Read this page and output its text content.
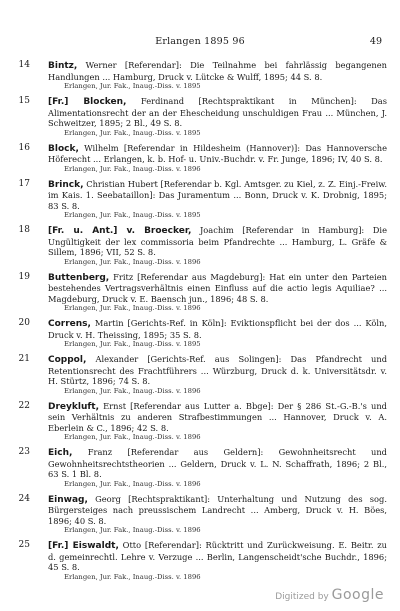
Erlangen 1895 96	49
14 Bintz, Werner [Referendar]: Die Teilnahme bei fahrlässig begangenen Handlungen ... Hamburg, Druck v. Lütcke & Wulff, 1895; 44 S. 8.
Erlangen, Jur. Fak., Inaug.-Diss. v. 1895
15 [Fr.] Blocken, Ferdinand [Rechtspraktikant in München]: Das Alimentationsrecht der an der Ehescheidung unschuldigen Frau ... München, J. Schweitzer, 1895; 2 Bl., 49 S. 8.
Erlangen, Jur. Fak., Inaug.-Diss. v. 1895
16 Block, Wilhelm [Referendar in Hildesheim (Hannover)]: Das Hannoversche Höferecht ... Erlangen, k. b. Hof- u. Univ.-Buchdr. v. Fr. Junge, 1896; IV, 40 S. 8.
Erlangen, Jur. Fak., Inaug.-Diss. v. 1896
17 Brinck, Christian Hubert [Referendar b. Kgl. Amtsger. zu Kiel, z. Z. Einj.-Freiw. im Kais. 1. Seebataillon]: Das Juramentum ... Bonn, Druck v. K. Drobnig, 1895; 83 S. 8.
Erlangen, Jur. Fak., Inaug.-Diss. v. 1895
18 [Fr. u. Ant.] v. Broecker, Joachim [Referendar in Hamburg]: Die Ungültigkeit der lex commissoria beim Pfandrechte ... Hamburg, L. Gräfe & Sillem, 1896; VII, 52 S. 8.
Erlangen, Jur. Fak., Inaug.-Diss. v. 1896
19 Buttenberg, Fritz [Referendar aus Magdeburg]: Hat ein unter den Parteien bestehendes Vertragsverhältnis einen Einfluss auf die actio legis Aquiliae? ... Magdeburg, Druck v. E. Baensch jun., 1896; 48 S. 8.
Erlangen, Jur. Fak., Inaug.-Diss. v. 1896
20 Correns, Martin [Gerichts-Ref. in Köln]: Eviktionspflicht bei der dos ... Köln, Druck v. H. Theissing, 1895; 35 S. 8.
Erlangen, Jur. Fak., Inaug.-Diss. v. 1895
21 Coppol, Alexander [Gerichts-Ref. aus Solingen]: Das Pfandrecht und Retentionsrecht des Frachtführers ... Würzburg, Druck d. k. Universitätsdr. v. H. Stürtz, 1896; 74 S. 8.
Erlangen, Jur. Fak., Inaug.-Diss. v. 1896
22 Dreykluft, Ernst [Referendar aus Lutter a. Bbge]: Der § 286 St.-G.-B.'s und sein Verhältnis zu anderen Strafbestimmungen ... Hannover, Druck v. A. Eberlein & C., 1896; 42 S. 8.
Erlangen, Jur. Fak., Inaug.-Diss. v. 1896
23 Eich, Franz [Referendar aus Geldern]: Gewohnheitsrecht und Gewohnheitsrechtstheorien ... Geldern, Druck v. L. N. Schaffrath, 1896; 2 Bl., 63 S. 1 Bl. 8.
Erlangen, Jur. Fak., Inaug.-Diss. v. 1896
24 Einwag, Georg [Rechtspraktikant]: Unterhaltung und Nutzung des sog. Bürgersteiges nach preussischem Landrecht ... Amberg, Druck v. H. Böes, 1896; 40 S. 8.
Erlangen, Jur. Fak., Inaug.-Diss. v. 1896
25 [Fr.] Eiswaldt, Otto [Referendar]: Rücktritt und Zurückweisung. E. Beitr. zu d. gemeinrechtl. Lehre v. Verzuge ... Berlin, Langenscheidt'sche Buchdr., 1896; 45 S. 8.
Erlangen, Jur. Fak., Inaug.-Diss. v. 1896
Digitized by Google
